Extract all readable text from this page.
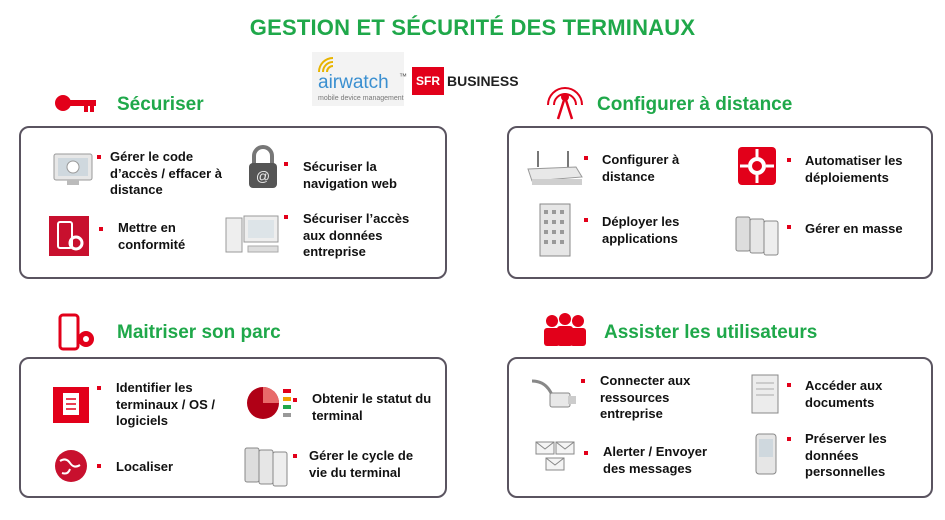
GESTION ET SÉCURITÉ DES TERMINAUX
airwatch ™
mobile device management
SFR BUSINESS
Sécuriser
Gérer le code d’accès / effacer à distance
@
Sécuriser la navigation web
Mettre en conformité
Sécuriser l’accès aux données entreprise
Configurer à distance
Configurer à distance
Automatiser les déploiements
Déployer les applications
Gérer en masse
Maitriser son parc
Identifier les terminaux / OS / logiciels
Obtenir le statut du terminal
Localiser
Gérer le cycle de vie du terminal
Assister les utilisateurs
Connecter aux ressources entreprise
Accéder aux documents
Alerter / Envoyer des messages
Préserver les données personnelles
